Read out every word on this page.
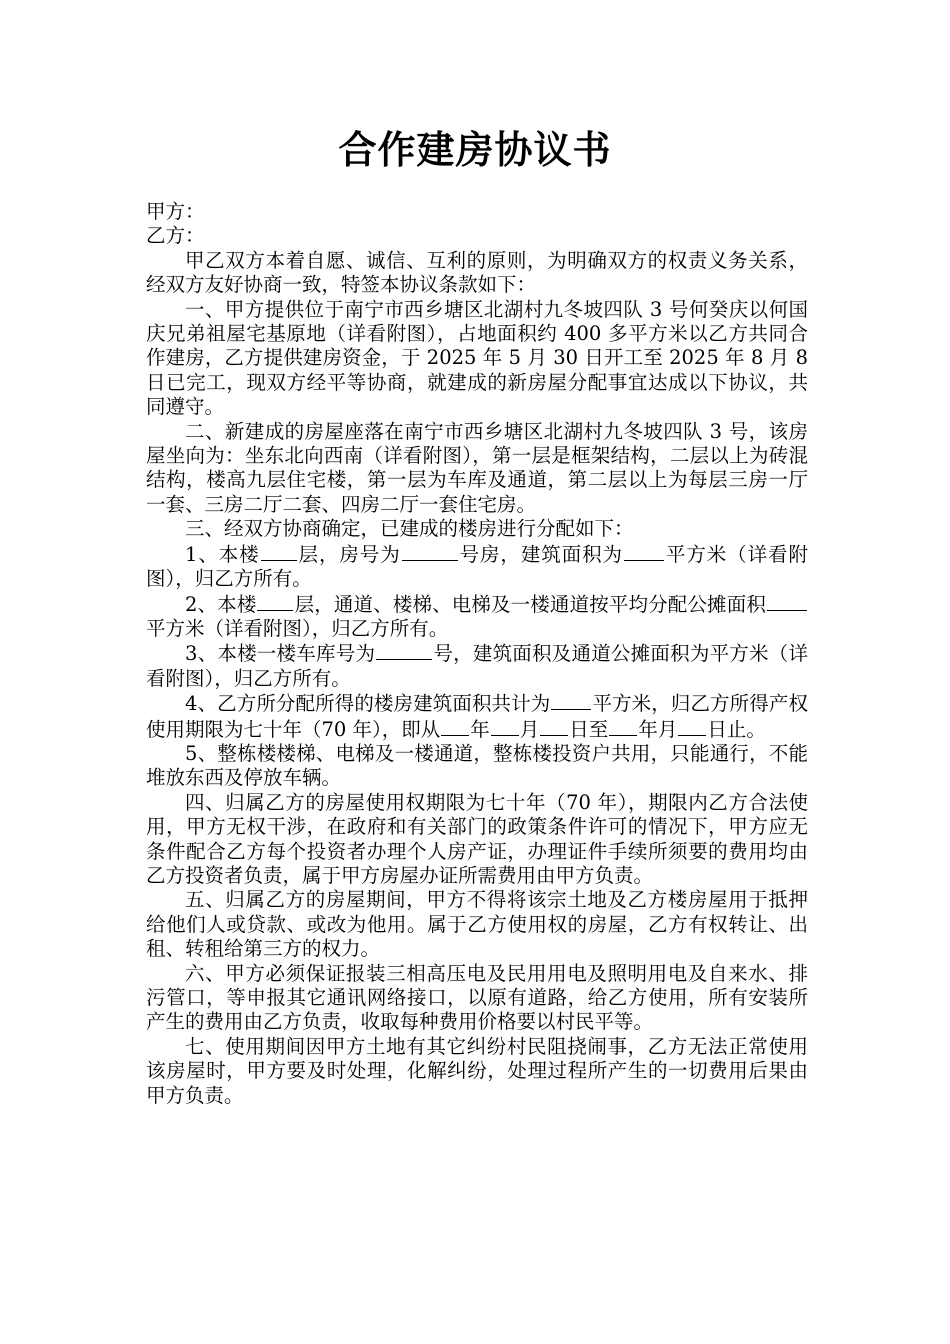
合作建房协议书

甲方：

乙方：

甲乙双方本着自愿、诚信、互利的原则，为明确双方的权责义务关系，经双方友好协商一致，特签本协议条款如下：

一、甲方提供位于南宁市西乡塘区北湖村九冬坡四队 3 号何癸庆以何国庆兄弟祖屋宅基原地（详看附图），占地面积约 400 多平方米以乙方共同合作建房，乙方提供建房资金，于 2025 年 5 月 30 日开工至 2025 年 8 月 8 日已完工，现双方经平等协商，就建成的新房屋分配事宜达成以下协议，共同遵守。

二、新建成的房屋座落在南宁市西乡塘区北湖村九冬坡四队 3 号，该房屋坐向为：坐东北向西南（详看附图），第一层是框架结构，二层以上为砖混结构，楼高九层住宅楼，第一层为车库及通道，第二层以上为每层三房一厅一套、三房二厅二套、四房二厅一套住宅房。

三、经双方协商确定，已建成的楼房进行分配如下：

1、本楼 层，房号为	号房，建筑面积为 平方米（详看附图），归乙方所有。

2、本楼 层，通道、楼梯、电梯及一楼通道按平均分配公摊面积平方米（详看附图），归乙方所有。

3、本楼一楼车库号为	号，建筑面积及通道公摊面积为平方米（详看附图），归乙方所有。

4、乙方所分配所得的楼房建筑面积共计为 平方米，归乙方所得产权使用期限为七十年（70 年），即从 年 月 日至 年月 日止。

5、整栋楼楼梯、电梯及一楼通道，整栋楼投资户共用，只能通行，不能堆放东西及停放车辆。

四、归属乙方的房屋使用权期限为七十年（70 年），期限内乙方合法使用，甲方无权干涉，在政府和有关部门的政策条件许可的情况下，甲方应无条件配合乙方每个投资者办理个人房产证，办理证件手续所须要的费用均由乙方投资者负责，属于甲方房屋办证所需费用由甲方负责。

五、归属乙方的房屋期间，甲方不得将该宗土地及乙方楼房屋用于抵押给他们人或贷款、或改为他用。属于乙方使用权的房屋，乙方有权转让、出租、转租给第三方的权力。

六、甲方必须保证报装三相高压电及民用用电及照明用电及自来水、排污管口，等申报其它通讯网络接口，以原有道路，给乙方使用，所有安装所产生的费用由乙方负责，收取每种费用价格要以村民平等。

七、使用期间因甲方土地有其它纠纷村民阻挠闹事，乙方无法正常使用该房屋时，甲方要及时处理，化解纠纷，处理过程所产生的一切费用后果由甲方负责。
